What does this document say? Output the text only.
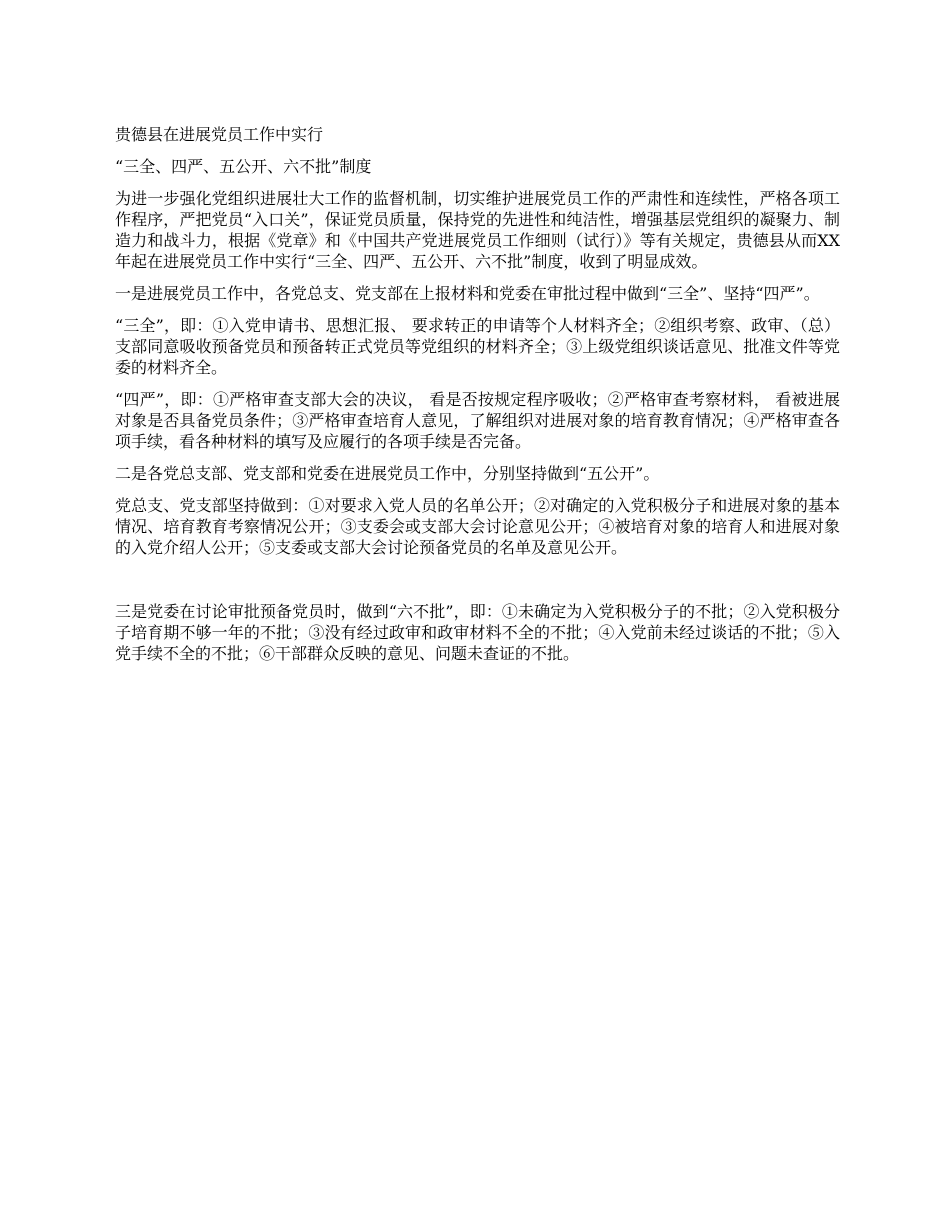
贵德县在进展党员工作中实行

“三全、四严、五公开、六不批”制度

为进一步强化党组织进展壮大工作的监督机制，切实维护进展党员工作的严肃性和连续性，严格各项工作程序，严把党员“入口关”，保证党员质量，保持党的先进性和纯洁性，增强基层党组织的凝聚力、制造力和战斗力，根据《党章》和《中国共产党进展党员工作细则（试行）》等有关规定，贵德县从而XX年起在进展党员工作中实行“三全、四严、五公开、六不批”制度，收到了明显成效。

一是进展党员工作中，各党总支、党支部在上报材料和党委在审批过程中做到“三全”、坚持“四严”。

“三全”，即：①入党申请书、思想汇报、 要求转正的申请等个人材料齐全；②组织考察、政审、（总）支部同意吸收预备党员和预备转正式党员等党组织的材料齐全；③上级党组织谈话意见、批准文件等党委的材料齐全。

“四严”，即：①严格审查支部大会的决议， 看是否按规定程序吸收；②严格审查考察材料， 看被进展对象是否具备党员条件；③严格审查培育人意见，了解组织对进展对象的培育教育情况；④严格审查各项手续，看各种材料的填写及应履行的各项手续是否完备。

二是各党总支部、党支部和党委在进展党员工作中，分别坚持做到“五公开”。

党总支、党支部坚持做到：①对要求入党人员的名单公开；②对确定的入党积极分子和进展对象的基本情况、培育教育考察情况公开；③支委会或支部大会讨论意见公开；④被培育对象的培育人和进展对象的入党介绍人公开；⑤支委或支部大会讨论预备党员的名单及意见公开。

三是党委在讨论审批预备党员时，做到“六不批”，即：①未确定为入党积极分子的不批；②入党积极分子培育期不够一年的不批；③没有经过政审和政审材料不全的不批；④入党前未经过谈话的不批；⑤入党手续不全的不批；⑥干部群众反映的意见、问题未查证的不批。
